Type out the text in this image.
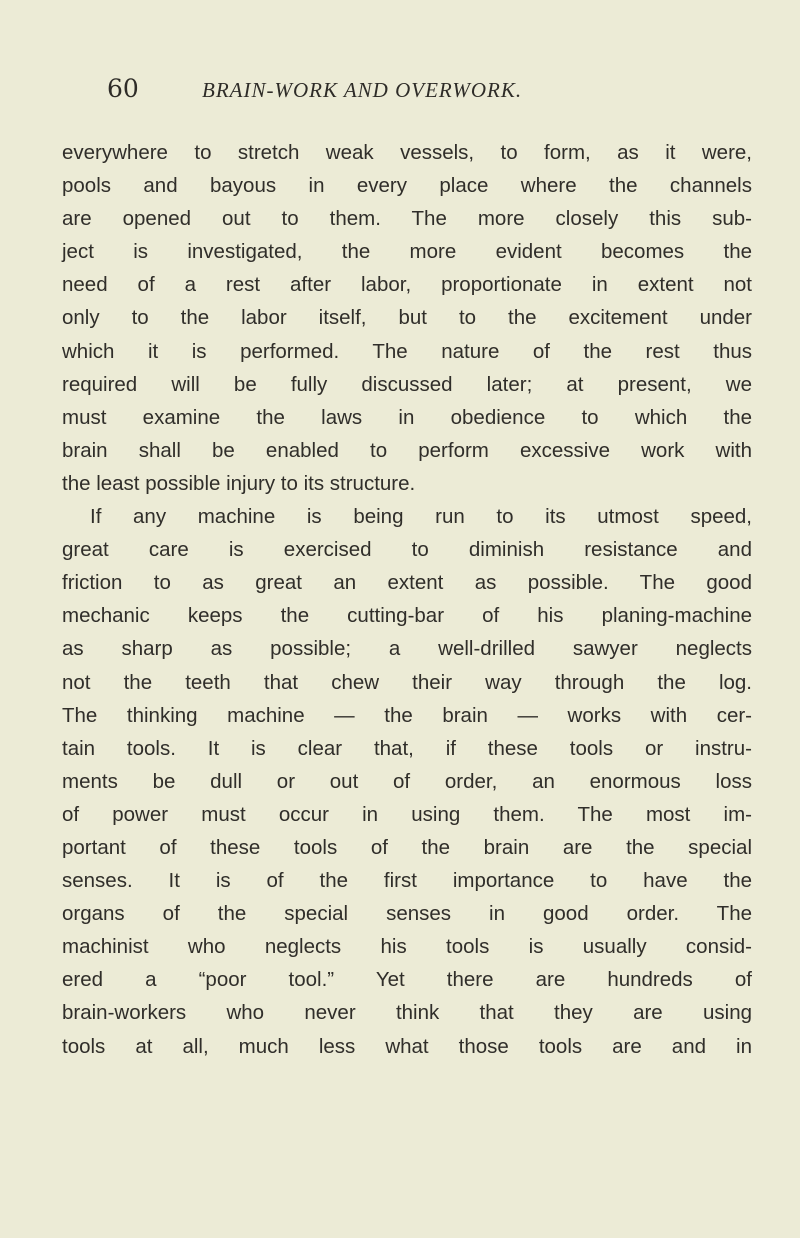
60	BRAIN-WORK AND OVERWORK.
everywhere to stretch weak vessels, to form, as it were,
pools and bayous in every place where the channels
are opened out to them. The more closely this sub-
ject is investigated, the more evident becomes the
need of a rest after labor, proportionate in extent not
only to the labor itself, but to the excitement under
which it is performed. The nature of the rest thus
required will be fully discussed later; at present, we
must examine the laws in obedience to which the
brain shall be enabled to perform excessive work with
the least possible injury to its structure.
If any machine is being run to its utmost speed,
great care is exercised to diminish resistance and
friction to as great an extent as possible. The good
mechanic keeps the cutting-bar of his planing-machine
as sharp as possible; a well-drilled sawyer neglects
not the teeth that chew their way through the log.
The thinking machine — the brain — works with cer-
tain tools. It is clear that, if these tools or instru-
ments be dull or out of order, an enormous loss
of power must occur in using them. The most im-
portant of these tools of the brain are the special
senses. It is of the first importance to have the
organs of the special senses in good order. The
machinist who neglects his tools is usually consid-
ered a “poor tool.” Yet there are hundreds of
brain-workers who never think that they are using
tools at all, much less what those tools are and in
